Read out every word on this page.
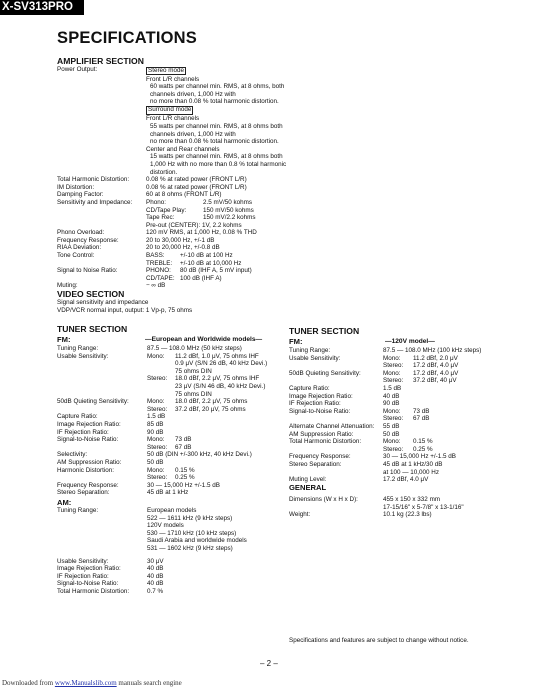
X-SV313PRO
SPECIFICATIONS
AMPLIFIER SECTION
Power Output:	Stereo mode
Front L/R channels
60 watts per channel min. RMS, at 8 ohms, both
channels driven, 1,000 Hz with
no more than 0.08 % total harmonic distortion.
Surround mode
Front L/R channels
55 watts per channel min. RMS, at 8 ohms both
channels driven, 1,000 Hz with
no more than 0.08 % total harmonic distortion.
Center and Rear channels
15 watts per channel min. RMS, at 8 ohms both
1,000 Hz with no more than 0.8 % total harmonic
distortion.
Total Harmonic Distortion:	0.08 % at rated power (FRONT L/R)
IM Distortion:	0.08 % at rated power (FRONT L/R)
Damping Factor:	60 at 8 ohms (FRONT L/R)
Sensitivity and Impedance:	Phono:	2.5 mV/50 kohms
CD/Tape Play:	150 mV/50 kohms
Tape Rec:	150 mV/2.2 kohms
Pre-out (CENTER): 1V, 2.2 kohms
Phono Overload:	120 mV RMS, at 1,000 Hz, 0.08 % THD
Frequency Response:	20 to 30,000 Hz, +/-1 dB
RIAA Deviation:	20 to 20,000 Hz, +/-0.8 dB
Tone Control:	BASS:	+/-10 dB at 100 Hz
TREBLE:	+/-10 dB at 10,000 Hz
Signal to Noise Ratio:	PHONO:	80 dB (IHF A, 5 mV input)
CD/TAPE: 100 dB (IHF A)
Muting:	− ∞ dB
VIDEO SECTION
Signal sensitivity and impedance
VDP/VCR normal input, output: 1 Vp-p, 75 ohms
TUNER SECTION
FM:	—European and Worldwide models—
Tuning Range:	87.5 — 108.0 MHz (50 kHz steps)
Usable Sensitivity:	Mono:	11.2 dBf, 1.0 μV, 75 ohms IHF
0.9 μV (S/N 26 dB, 40 kHz Devi.)
75 ohms DIN
Stereo:	18.0 dBf, 2.2 μV, 75 ohms IHF
23 μV (S/N 46 dB, 40 kHz Devi.)
75 ohms DIN
50dB Quieting Sensitivity:	Mono:	18.0 dBf, 2.2 μV, 75 ohms
Stereo:	37.2 dBf, 20 μV, 75 ohms
Capture Ratio:	1.5 dB
Image Rejection Ratio:	85 dB
IF Rejection Ratio:	90 dB
Signal-to-Noise Ratio:	Mono:	73 dB
Stereo:	67 dB
Selectivity:	50 dB (DIN +/-300 kHz, 40 kHz Devi.)
AM Suppression Ratio:	50 dB
Harmonic Distortion:	Mono:	0.15 %
Stereo:	0.25 %
Frequency Response:	30 — 15,000 Hz +/-1.5 dB
Stereo Separation:	45 dB at 1 kHz
AM:
Tuning Range:	European models
522 — 1611 kHz (9 kHz steps)
120V models
530 — 1710 kHz (10 kHz steps)
Saudi Arabia and worldwide models
531 — 1602 kHz (9 kHz steps)
Usable Sensitivity:	30 μV
Image Rejection Ratio:	40 dB
IF Rejection Ratio:	40 dB
Signal-to-Noise Ratio:	40 dB
Total Harmonic Distortion:	0.7 %
TUNER SECTION
FM:	—120V model—
Tuning Range:	87.5 — 108.0 MHz (100 kHz steps)
Usable Sensitivity:	Mono:	11.2 dBf, 2.0 μV
Stereo:	17.2 dBf, 4.0 μV
50dB Quieting Sensitivity:	Mono:	17.2 dBf, 4.0 μV
Stereo:	37.2 dBf, 40 μV
Capture Ratio:	1.5 dB
Image Rejection Ratio:	40 dB
IF Rejection Ratio:	90 dB
Signal-to-Noise Ratio:	Mono:	73 dB
Stereo:	67 dB
Alternate Channel Attenuation:	55 dB
AM Suppression Ratio:	50 dB
Total Harmonic Distortion:	Mono:	0.15 %
Stereo:	0.25 %
Frequency Response:	30 — 15,000 Hz +/-1.5 dB
Stereo Separation:	45 dB at 1 kHz/30 dB
at 100 — 10,000 Hz
Muting Level:	17.2 dBf, 4.0 μV
GENERAL
Dimensions (W x H x D):	455 x 150 x 332 mm
17-15/16" x 5-7/8" x 13-1/16"
Weight:	10.1 kg (22.3 lbs)
Specifications and features are subject to change without notice.
– 2 –
Downloaded from www.Manualslib.com manuals search engine
